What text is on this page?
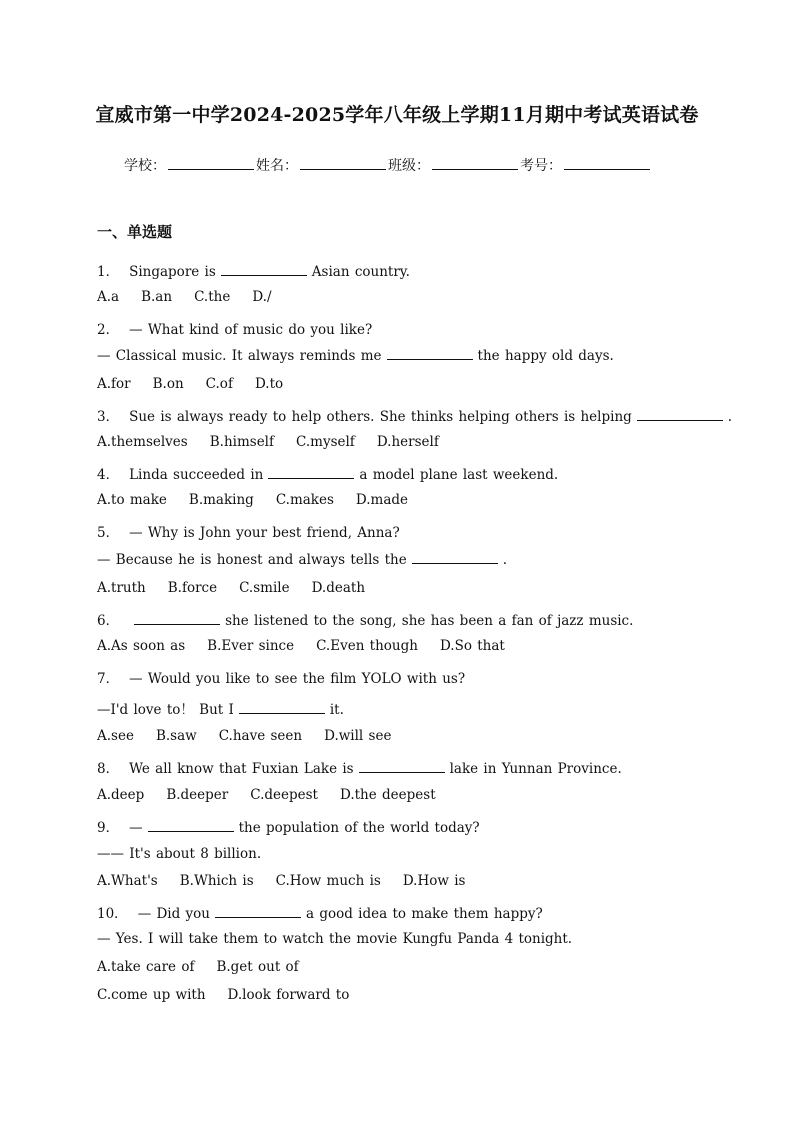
宣威市第一中学2024-2025学年八年级上学期11月期中考试英语试卷
学校：	姓名：	班级：	考号：
一、单选题
1． Singapore is	Asian country.
A.a B.an C.the D./
2． — What kind of music do you like?
— Classical music. It always reminds me	the happy old days.
A.for B.on C.of D.to
3． Sue is always ready to help others. She thinks helping others is helping	.
A.themselves B.himself C.myself D.herself
4． Linda succeeded in	a model plane last weekend.
A.to make B.making C.makes D.made
5． — Why is John your best friend, Anna?
— Because he is honest and always tells the	.
A.truth B.force C.smile D.death
6．	she listened to the song, she has been a fan of jazz music.
A.As soon as B.Ever since C.Even though D.So that
7． — Would you like to see the film YOLO with us?
—I'd love to！ But I	it.
A.see B.saw C.have seen D.will see
8． We all know that Fuxian Lake is	lake in Yunnan Province.
A.deep B.deeper C.deepest D.the deepest
9． —	the population of the world today?
—— It's about 8 billion.
A.What's B.Which is C.How much is D.How is
10． — Did you	a good idea to make them happy?
— Yes. I will take them to watch the movie Kungfu Panda 4 tonight.
A.take care of B.get out of
C.come up with D.look forward to
